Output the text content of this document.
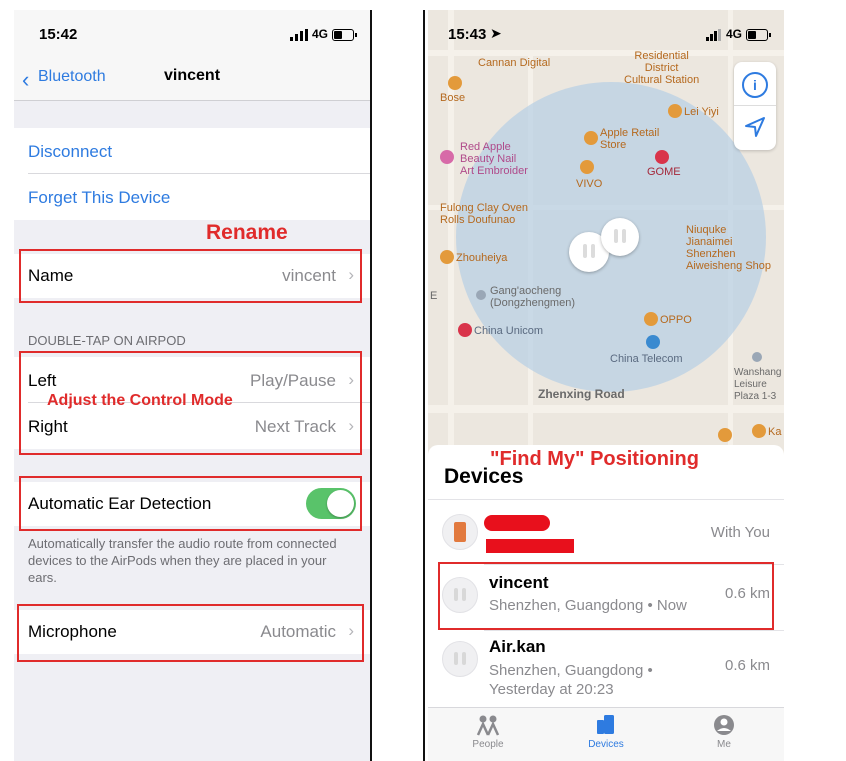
15:42	4G
‹ Bluetooth	vincent
Disconnect
Forget This Device
Rename
Name	vincent ›
DOUBLE-TAP ON AIRPOD
Left	Play/Pause ›
Right	Next Track ›
Adjust the Control Mode
Automatic Ear Detection
Automatically transfer the audio route from connected devices to the AirPods when they are placed in your ears.
Microphone	Automatic ›
Cannan Digital
Residential
District
Cultural Station
Bose
Lei Yiyi
Red Apple
Beauty Nail
Art Embroider
Apple Retail
Store
GOME
VIVO
Fulong Clay Oven
Rolls Doufunao
Niuquke
Jianaimei
Shenzhen
Aiweisheng Shop
Zhouheiya
E	Gang'aocheng
(Dongzhengmen)
OPPO
China Unicom
China Telecom
Wanshang
Leisure
Plaza 1-3
Zhenxing Road
Ka
i
15:43 ➤	4G
Devices
With You
vincent
Shenzhen, Guangdong • Now
0.6 km
Air.kan
Shenzhen, Guangdong •
Yesterday at 20:23
0.6 km
People	Devices	Me
"Find My" Positioning
